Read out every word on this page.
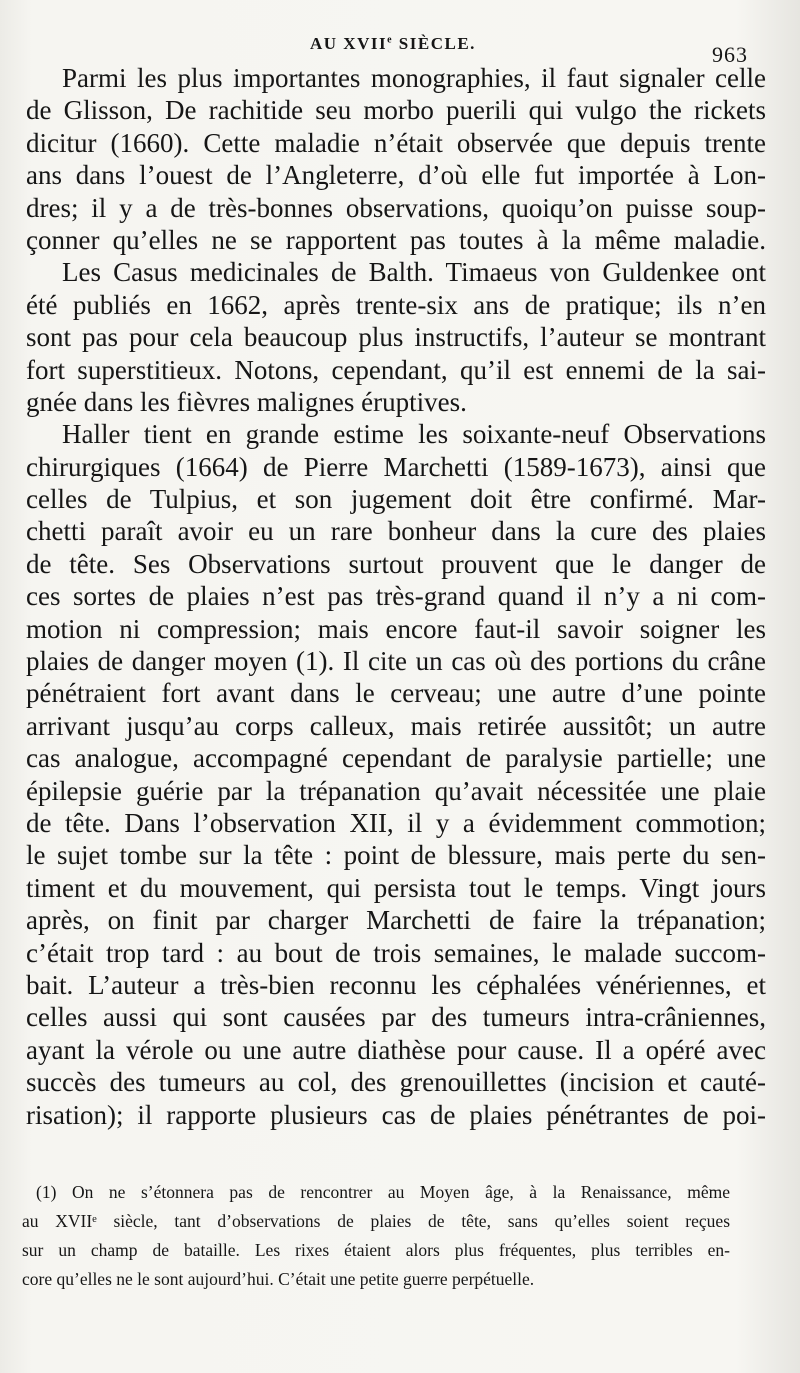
AU XVIIe SIÈCLE.	963
Parmi les plus importantes monographies, il faut signaler celle
de Glisson, De rachitide seu morbo puerili qui vulgo the rickets
dicitur (1660). Cette maladie n’était observée que depuis trente
ans dans l’ouest de l’Angleterre, d’où elle fut importée à Lon-
dres; il y a de très-bonnes observations, quoiqu’on puisse soup-
çonner qu’elles ne se rapportent pas toutes à la même maladie.
Les Casus medicinales de Balth. Timaeus von Guldenkee ont
été publiés en 1662, après trente-six ans de pratique; ils n’en
sont pas pour cela beaucoup plus instructifs, l’auteur se montrant
fort superstitieux. Notons, cependant, qu’il est ennemi de la sai-
gnée dans les fièvres malignes éruptives.
Haller tient en grande estime les soixante-neuf Observations
chirurgiques (1664) de Pierre Marchetti (1589-1673), ainsi que
celles de Tulpius, et son jugement doit être confirmé. Mar-
chetti paraît avoir eu un rare bonheur dans la cure des plaies
de tête. Ses Observations surtout prouvent que le danger de
ces sortes de plaies n’est pas très-grand quand il n’y a ni com-
motion ni compression; mais encore faut-il savoir soigner les
plaies de danger moyen (1). Il cite un cas où des portions du crâne
pénétraient fort avant dans le cerveau; une autre d’une pointe
arrivant jusqu’au corps calleux, mais retirée aussitôt; un autre
cas analogue, accompagné cependant de paralysie partielle; une
épilepsie guérie par la trépanation qu’avait nécessitée une plaie
de tête. Dans l’observation XII, il y a évidemment commotion;
le sujet tombe sur la tête : point de blessure, mais perte du sen-
timent et du mouvement, qui persista tout le temps. Vingt jours
après, on finit par charger Marchetti de faire la trépanation;
c’était trop tard : au bout de trois semaines, le malade succom-
bait. L’auteur a très-bien reconnu les céphalées vénériennes, et
celles aussi qui sont causées par des tumeurs intra-crâniennes,
ayant la vérole ou une autre diathèse pour cause. Il a opéré avec
succès des tumeurs au col, des grenouillettes (incision et cauté-
risation); il rapporte plusieurs cas de plaies pénétrantes de poi-
(1) On ne s’étonnera pas de rencontrer au Moyen âge, à la Renaissance, même
au XVIIᵉ siècle, tant d’observations de plaies de tête, sans qu’elles soient reçues
sur un champ de bataille. Les rixes étaient alors plus fréquentes, plus terribles en-
core qu’elles ne le sont aujourd’hui. C’était une petite guerre perpétuelle.
